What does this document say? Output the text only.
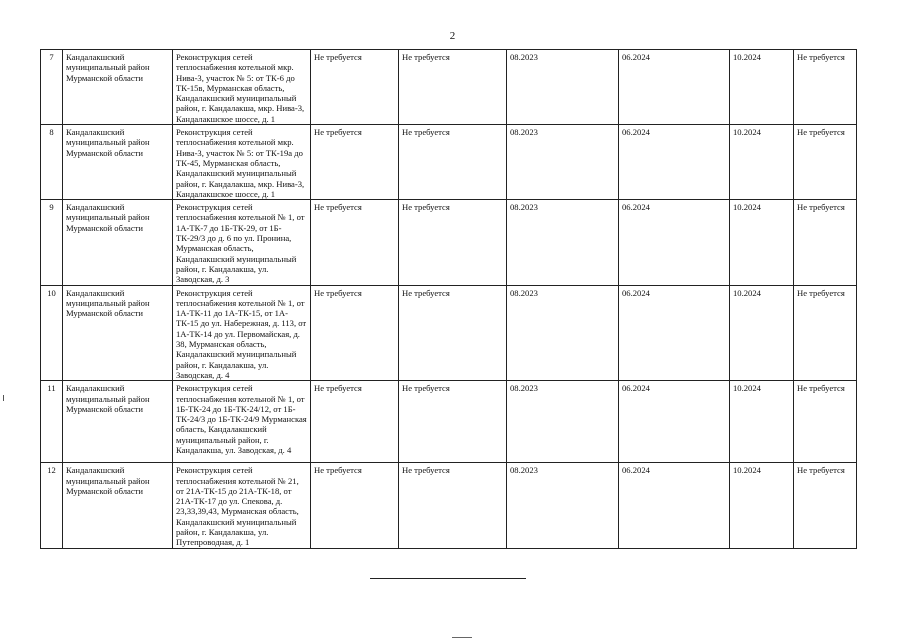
2
7	Кандалакшский муниципальный район Мурманской области	Реконструкция сетей теплоснабжения котельной мкр. Нива-3, участок № 5: от ТК-6 до ТК-15в, Мурманская область, Кандалакшский муниципальный район, г. Кандалакша, мкр. Нива-3, Кандалакшское шоссе, д. 1	Не требуется	Не требуется	08.2023	06.2024	10.2024	Не требуется
8	Кандалакшский муниципальный район Мурманской области	Реконструкция сетей теплоснабжения котельной мкр. Нива-3, участок № 5: от ТК-19а до ТК-45, Мурманская область, Кандалакшский муниципальный район, г. Кандалакша, мкр. Нива-3, Кандалакшское шоссе, д. 1	Не требуется	Не требуется	08.2023	06.2024	10.2024	Не требуется
9	Кандалакшский муниципальный район Мурманской области	Реконструкция сетей теплоснабжения котельной № 1, от 1А-ТК-7 до 1Б-ТК-29, от 1Б-ТК-29/3 до д. 6 по ул. Пронина, Мурманская область, Кандалакшский муниципальный район, г. Кандалакша, ул. Заводская, д. 3	Не требуется	Не требуется	08.2023	06.2024	10.2024	Не требуется
10	Кандалакшский муниципальный район Мурманской области	Реконструкция сетей теплоснабжения котельной № 1, от 1А-ТК-11 до 1А-ТК-15, от 1А-ТК-15 до ул. Набережная, д. 113, от 1А-ТК-14 до ул. Первомайская, д. 38, Мурманская область, Кандалакшский муниципальный район, г. Кандалакша, ул. Заводская, д. 4	Не требуется	Не требуется	08.2023	06.2024	10.2024	Не требуется
11	Кандалакшский муниципальный район Мурманской области	Реконструкция сетей теплоснабжения котельной № 1, от 1Б-ТК-24 до 1Б-ТК-24/12, от 1Б-ТК-24/3 до 1Б-ТК-24/9 Мурманская область, Кандалакшский муниципальный район, г. Кандалакша, ул. Заводская, д. 4	Не требуется	Не требуется	08.2023	06.2024	10.2024	Не требуется
12	Кандалакшский муниципальный район Мурманской области	Реконструкция сетей теплоснабжения котельной № 21, от 21А-ТК-15 до 21А-ТК-18, от 21А-ТК-17 до ул. Спекова, д. 23,33,39,43, Мурманская область, Кандалакшский муниципальный район, г. Кандалакша, ул. Путепроводная, д. 1	Не требуется	Не требуется	08.2023	06.2024	10.2024	Не требуется
